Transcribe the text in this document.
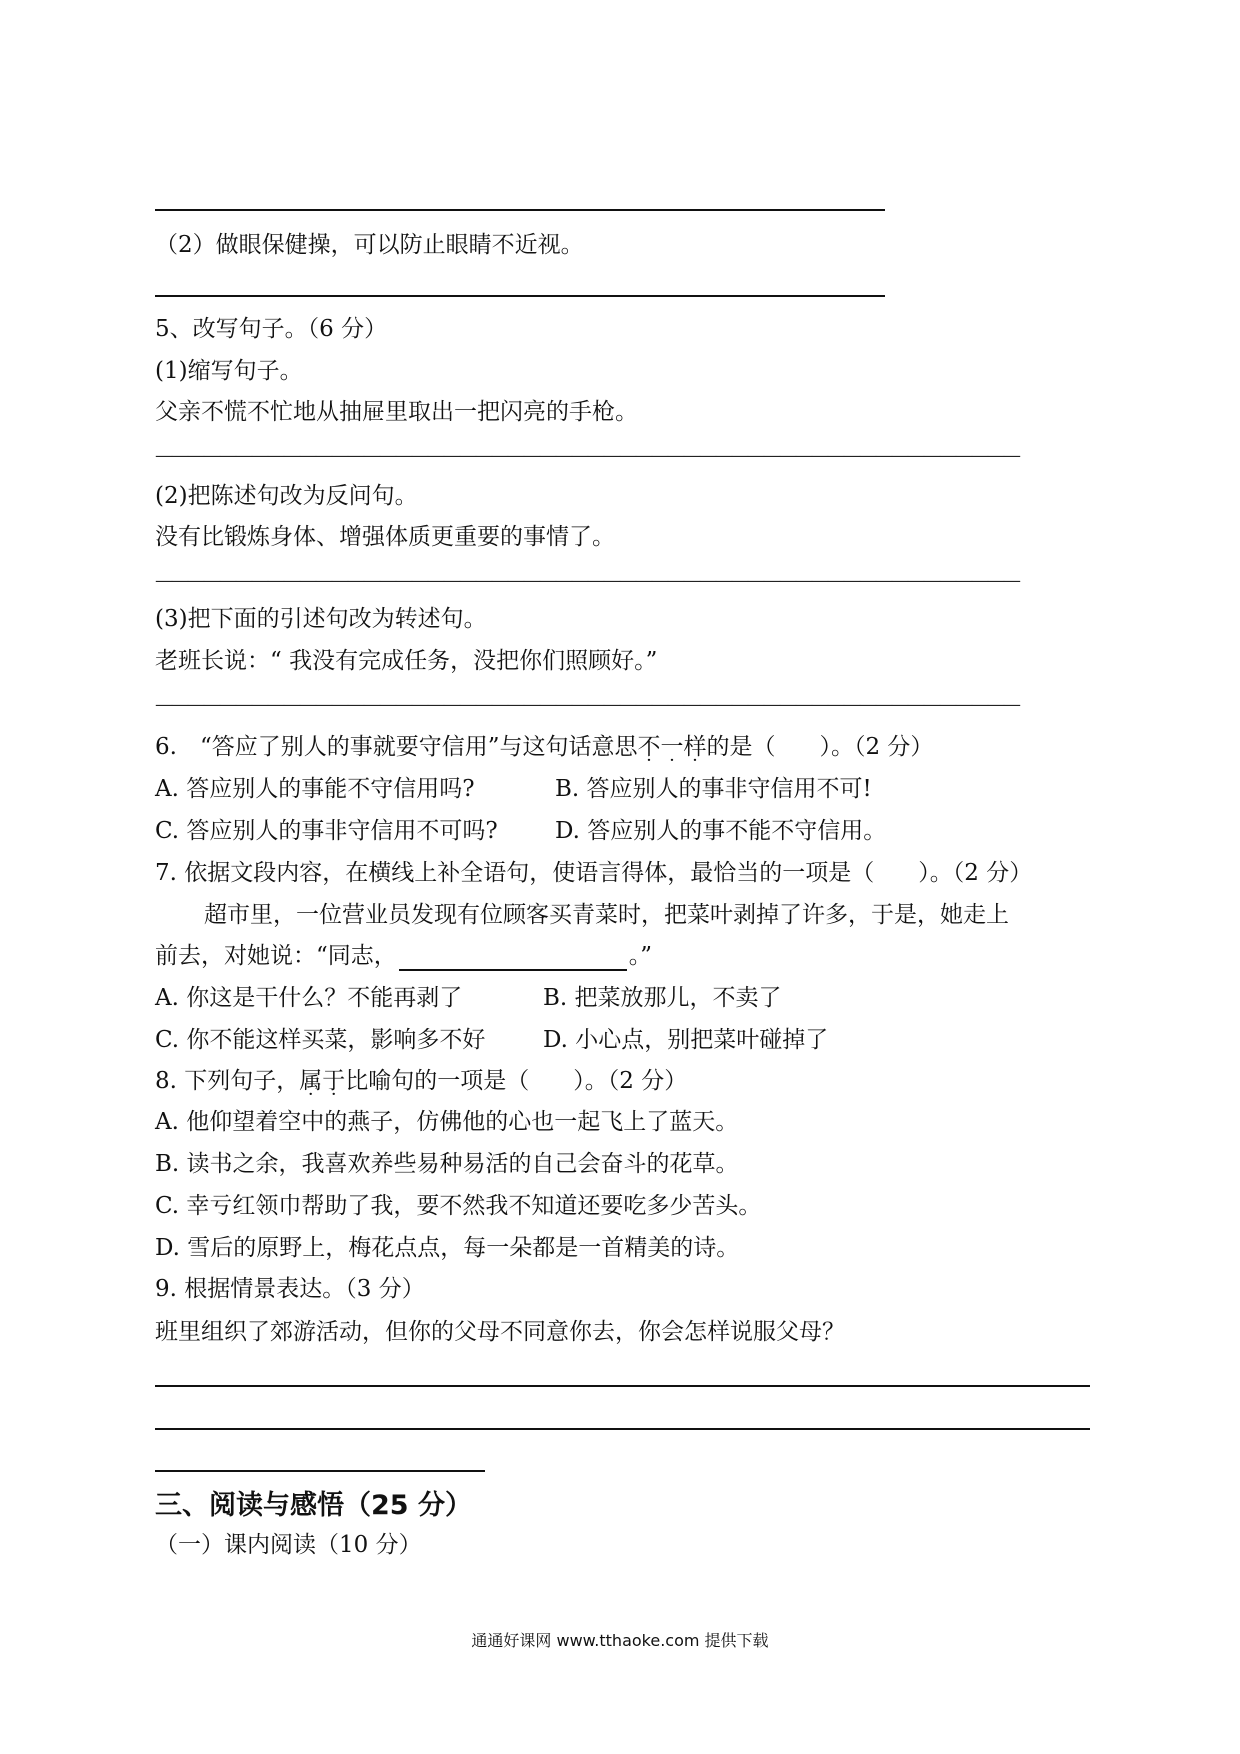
（2）做眼保健操，可以防止眼睛不近视。
5、改写句子。（6 分）
(1)缩写句子。
父亲不慌不忙地从抽屉里取出一把闪亮的手枪。
——————————————————————————————————————————————————————
(2)把陈述句改为反问句。
没有比锻炼身体、增强体质更重要的事情了。
——————————————————————————————————————————————————————
(3)把下面的引述句改为转述句。
老班长说：“ 我没有完成任务，没把你们照顾好。”
——————————————————————————————————————————————————————
6.　“答应了别人的事就要守信用”与这句话意思不一样的是（ ）。（2 分）
A. 答应别人的事能不守信用吗?	B. 答应别人的事非守信用不可!
C. 答应别人的事非守信用不可吗? D. 答应别人的事不能不守信用。
7. 依据文段内容，在横线上补全语句，使语言得体，最恰当的一项是（ ）。（2 分）
超市里，一位营业员发现有位顾客买青菜时，把菜叶剥掉了许多，于是，她走上
前去，对她说：“同志，	。”
A. 你这是干什么？不能再剥了	B. 把菜放那儿，不卖了
C. 你不能这样买菜，影响多不好	D. 小心点，别把菜叶碰掉了
8. 下列句子，属于比喻句的一项是（ ）。（2 分）
A. 他仰望着空中的燕子，仿佛他的心也一起飞上了蓝天。
B. 读书之余，我喜欢养些易种易活的自己会奋斗的花草。
C. 幸亏红领巾帮助了我，要不然我不知道还要吃多少苦头。
D. 雪后的原野上，梅花点点，每一朵都是一首精美的诗。
9. 根据情景表达。（3 分）
班里组织了郊游活动，但你的父母不同意你去，你会怎样说服父母？
三、阅读与感悟（25 分）
（一）课内阅读（10 分）
通通好课网 www.tthaoke.com 提供下载
